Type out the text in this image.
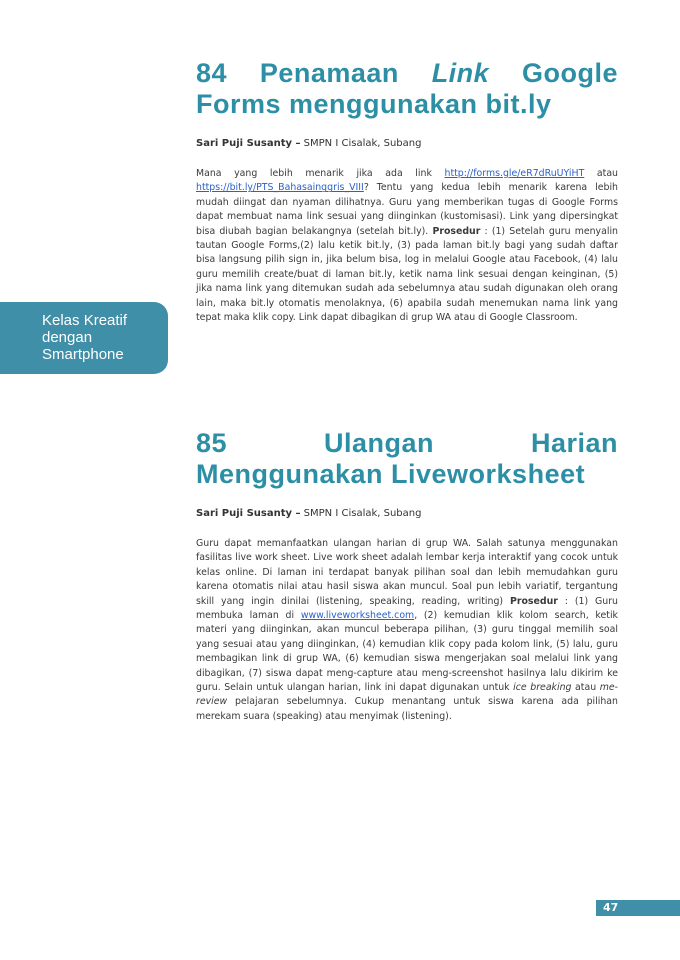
Kelas Kreatif
dengan
Smartphone
84 Penamaan Link Google Forms menggunakan bit.ly
Sari Puji Susanty – SMPN I Cisalak, Subang

Mana yang lebih menarik jika ada link http://forms.gle/eR7dRuUYiHT atau https://bit.ly/PTS_Bahasainggris_VIII? Tentu yang kedua lebih menarik karena lebih mudah diingat dan nyaman dilihatnya. Guru yang memberikan tugas di Google Forms dapat membuat nama link sesuai yang diinginkan (kustomisasi). Link yang dipersingkat bisa diubah bagian belakangnya (setelah bit.ly). Prosedur : (1) Setelah guru menyalin tautan Google Forms,(2) lalu ketik bit.ly, (3) pada laman bit.ly bagi yang sudah daftar bisa langsung pilih sign in, jika belum bisa, log in melalui Google atau Facebook, (4) lalu guru memilih create/buat di laman bit.ly, ketik nama link sesuai dengan keinginan, (5) jika nama link yang ditemukan sudah ada sebelumnya atau sudah digunakan oleh orang lain, maka bit.ly otomatis menolaknya, (6) apabila sudah menemukan nama link yang tepat maka klik copy. Link dapat dibagikan di grup WA atau di Google Classroom.

85 Ulangan Harian Menggunakan Liveworksheet
Sari Puji Susanty – SMPN I Cisalak, Subang

Guru dapat memanfaatkan ulangan harian di grup WA. Salah satunya menggunakan fasilitas live work sheet. Live work sheet adalah lembar kerja interaktif yang cocok untuk kelas online. Di laman ini terdapat banyak pilihan soal dan lebih memudahkan guru karena otomatis nilai atau hasil siswa akan muncul. Soal pun lebih variatif, tergantung skill yang ingin dinilai (listening, speaking, reading, writing) Prosedur : (1) Guru membuka laman di www.liveworksheet.com, (2) kemudian klik kolom search, ketik materi yang diinginkan, akan muncul beberapa pilihan, (3) guru tinggal memilih soal yang sesuai atau yang diinginkan, (4) kemudian klik copy pada kolom link, (5) lalu, guru membagikan link di grup WA, (6) kemudian siswa mengerjakan soal melalui link yang dibagikan, (7) siswa dapat meng-capture atau meng-screenshot hasilnya lalu dikirim ke guru. Selain untuk ulangan harian, link ini dapat digunakan untuk ice breaking atau me-review pelajaran sebelumnya. Cukup menantang untuk siswa karena ada pilihan merekam suara (speaking) atau menyimak (listening).

47
